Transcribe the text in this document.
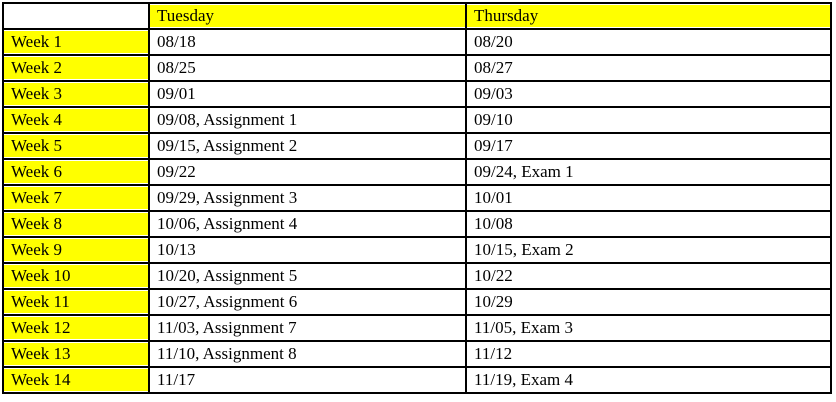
	Tuesday	Thursday
Week 1	08/18	08/20
Week 2	08/25	08/27
Week 3	09/01	09/03
Week 4	09/08, Assignment 1	09/10
Week 5	09/15, Assignment 2	09/17
Week 6	09/22	09/24, Exam 1
Week 7	09/29, Assignment 3	10/01
Week 8	10/06, Assignment 4	10/08
Week 9	10/13	10/15, Exam 2
Week 10	10/20, Assignment 5	10/22
Week 11	10/27, Assignment 6	10/29
Week 12	11/03, Assignment 7	11/05, Exam 3
Week 13	11/10, Assignment 8	11/12
Week 14	11/17	11/19, Exam 4
